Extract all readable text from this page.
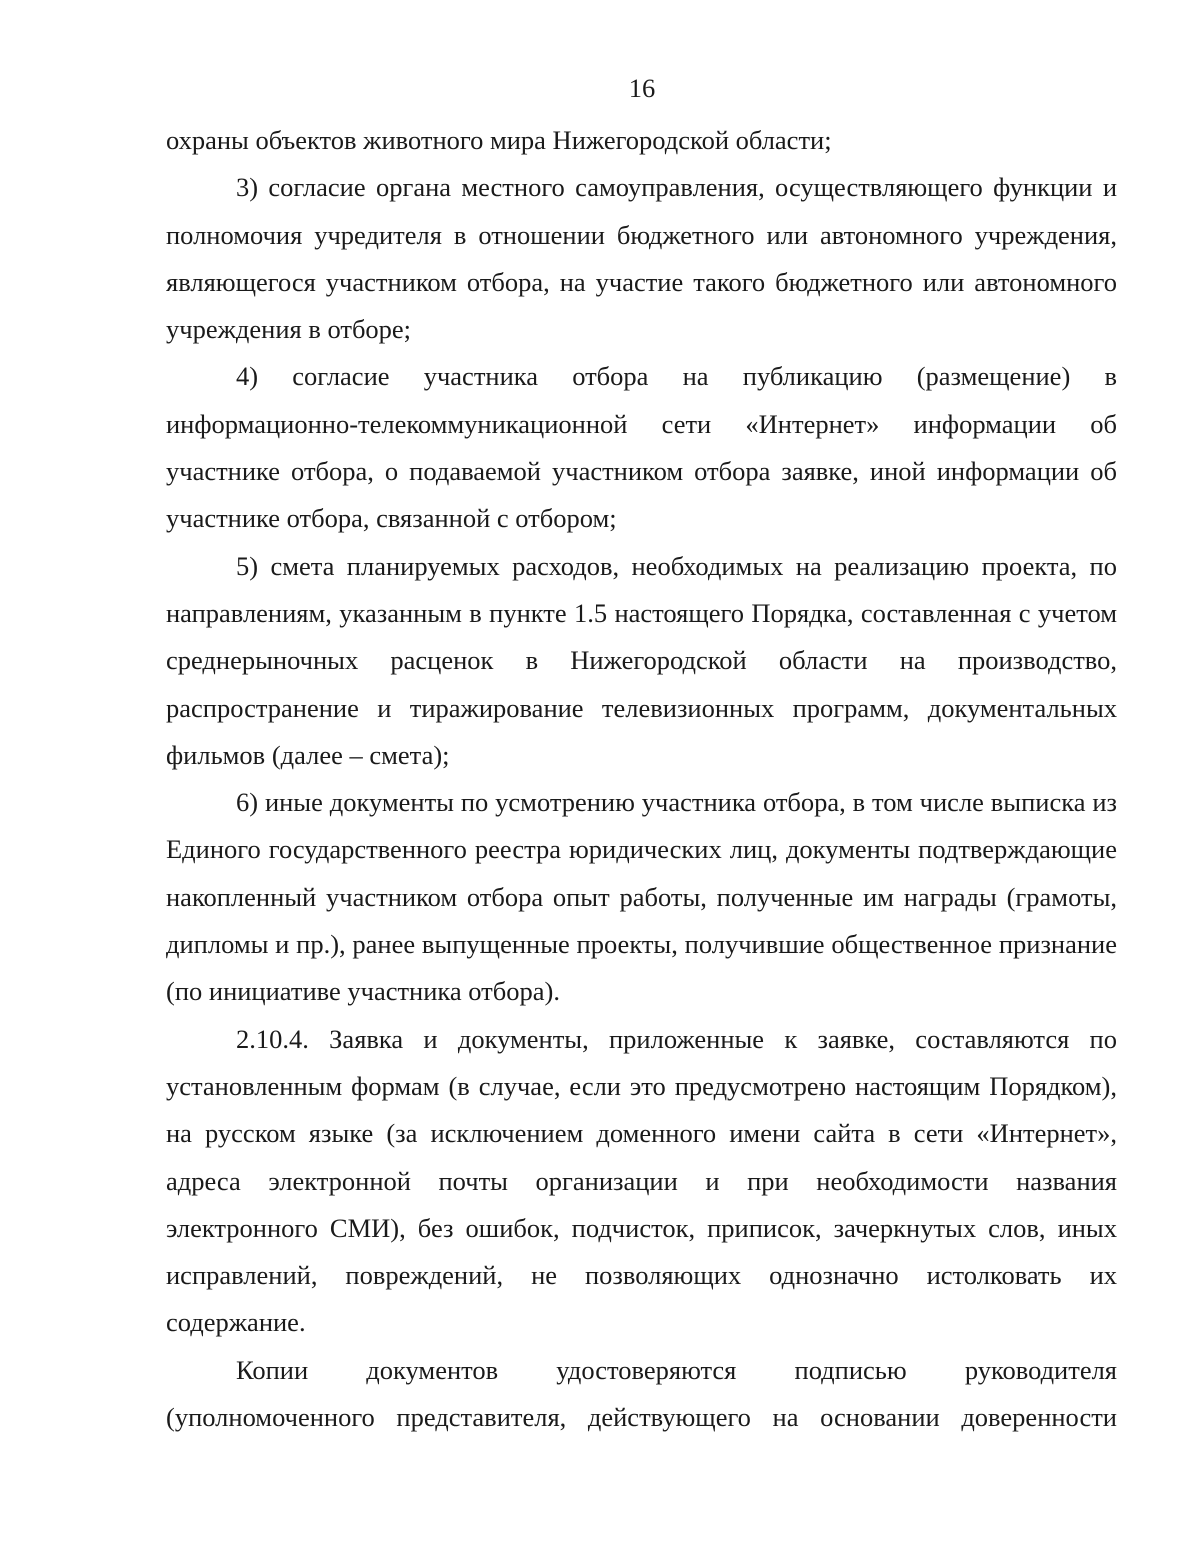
16

охраны объектов животного мира Нижегородской области;

3) согласие органа местного самоуправления, осуществляющего функции и полномочия учредителя в отношении бюджетного или автономного учреждения, являющегося участником отбора, на участие такого бюджетного или автономного учреждения в отборе;

4) согласие участника отбора на публикацию (размещение) в информационно-телекоммуникационной сети «Интернет» информации об участнике отбора, о подаваемой участником отбора заявке, иной информации об участнике отбора, связанной с отбором;

5) смета планируемых расходов, необходимых на реализацию проекта, по направлениям, указанным в пункте 1.5 настоящего Порядка, составленная с учетом среднерыночных расценок в Нижегородской области на производство, распространение и тиражирование телевизионных программ, документальных фильмов (далее – смета);

6) иные документы по усмотрению участника отбора, в том числе выписка из Единого государственного реестра юридических лиц, документы подтверждающие накопленный участником отбора опыт работы, полученные им награды (грамоты, дипломы и пр.), ранее выпущенные проекты, получившие общественное признание (по инициативе участника отбора).

2.10.4. Заявка и документы, приложенные к заявке, составляются по установленным формам (в случае, если это предусмотрено настоящим Порядком), на русском языке (за исключением доменного имени сайта в сети «Интернет», адреса электронной почты организации и при необходимости названия электронного СМИ), без ошибок, подчисток, приписок, зачеркнутых слов, иных исправлений, повреждений, не позволяющих однозначно истолковать их содержание.

Копии документов удостоверяются подписью руководителя (уполномоченного представителя, действующего на основании доверенности
